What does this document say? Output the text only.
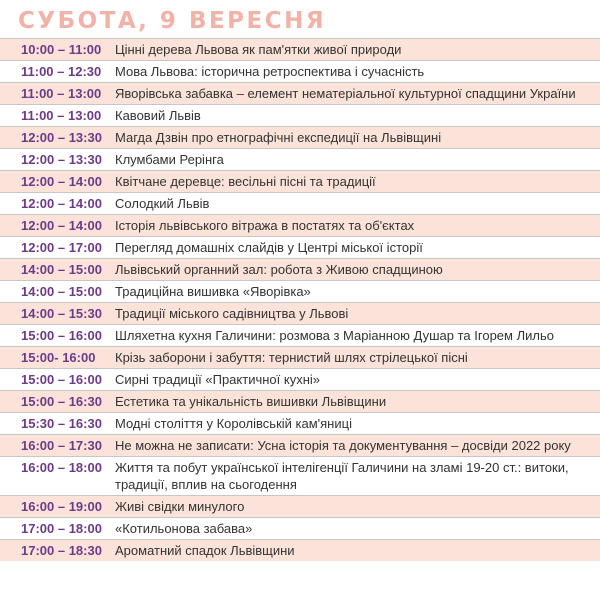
СУБОТА, 9 ВЕРЕСНЯ
10:00 – 11:00	Цінні дерева Львова як пам'ятки живої природи
11:00 – 12:30	Мова Львова: історична ретроспектива і сучасність
11:00 – 13:00	Яворівська забавка – елемент нематеріальної культурної спадщини України
11:00 – 13:00	Кавовий Львів
12:00 – 13:30	Магда Дзвін про етнографічні експедиції на Львівщині
12:00 – 13:30	Клумбами Рерінга
12:00 – 14:00	Квітчане деревце: весільні пісні та традиції
12:00 – 14:00	Солодкий Львів
12:00 – 14:00	Історія львівського вітража в постатях та об'єктах
12:00 – 17:00	Перегляд домашніх слайдів у Центрі міської історії
14:00 – 15:00	Львівський органний зал: робота з Живою спадщиною
14:00 – 15:00	Традиційна вишивка «Яворівка»
14:00 – 15:30	Традиції міського садівництва у Львові
15:00 – 16:00	Шляхетна кухня Галичини: розмова з Маріанною Душар та Ігорем Лильо
15:00- 16:00	Крізь заборони і забуття: тернистий шлях стрілецької пісні
15:00 – 16:00	Сирні традиції «Практичної кухні»
15:00 – 16:30	Естетика та унікальність вишивки Львівщини
15:30 – 16:30	Модні століття у Королівській кам'яниці
16:00 – 17:30	Не можна не записати: Усна історія та документування – досвіди 2022 року
16:00 – 18:00	Життя та побут української інтелігенції Галичини на зламі 19-20 ст.: витоки, традиції, вплив на сьогодення
16:00 – 19:00	Живі свідки минулого
17:00 – 18:00	«Котильонова забава»
17:00 – 18:30	Ароматний спадок Львівщини
